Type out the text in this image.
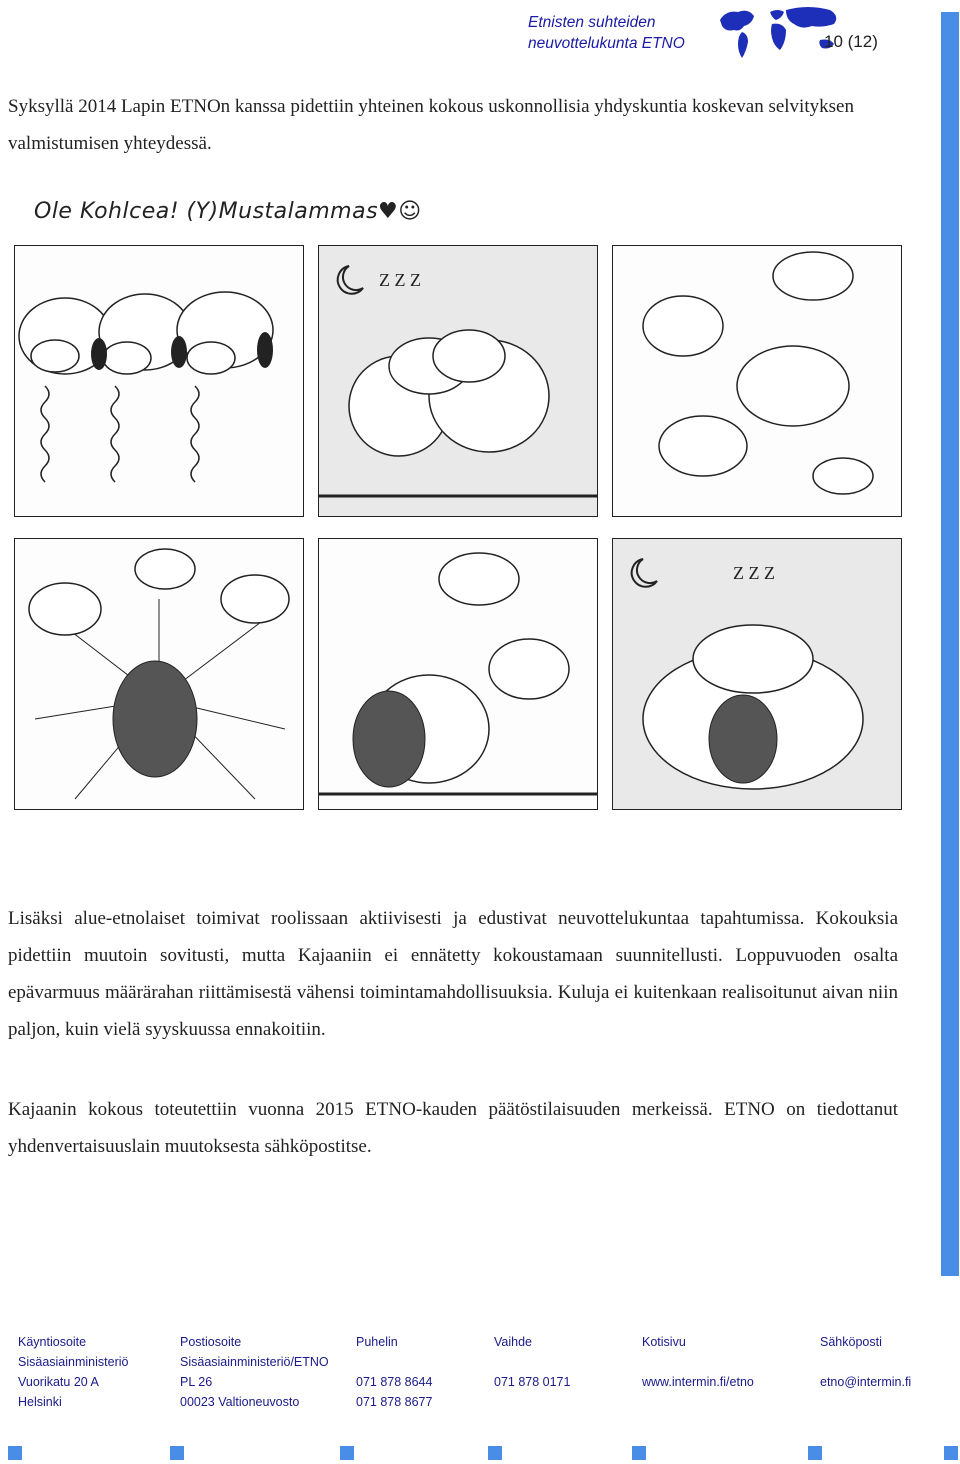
Etnisten suhteiden
neuvottelukunta ETNO	10 (12)
Syksyllä 2014 Lapin ETNOn kanssa pidettiin yhteinen kokous uskonnollisia yhdyskuntia koskevan selvityksen valmistumisen yhteydessä.
Ole Kohlcea! (Y)Mustalammas♥︎☺
Z Z Z
Z Z Z
Lisäksi alue-etnolaiset toimivat roolissaan aktiivisesti ja edustivat neuvottelukuntaa tapahtumissa. Kokouksia pidettiin muutoin sovitusti, mutta Kajaaniin ei ennätetty kokoustamaan suunnitellusti. Loppuvuoden osalta epävarmuus määrärahan riittämisestä vähensi toimintamahdollisuuksia. Kuluja ei kuitenkaan realisoitunut aivan niin paljon, kuin vielä syyskuussa ennakoitiin.
Kajaanin kokous toteutettiin vuonna 2015 ETNO-kauden päätöstilaisuuden merkeissä. ETNO on tiedottanut yhdenvertaisuuslain muutoksesta sähköpostitse.
Käyntiosoite
Sisäasiainministeriö
Vuorikatu 20 A
Helsinki
Postiosoite
Sisäasiainministeriö/ETNO
PL 26
00023 Valtioneuvosto
Puhelin
071 878 8644
071 878 8677
Vaihde
071 878 0171
Kotisivu
www.intermin.fi/etno
Sähköposti
etno@intermin.fi
